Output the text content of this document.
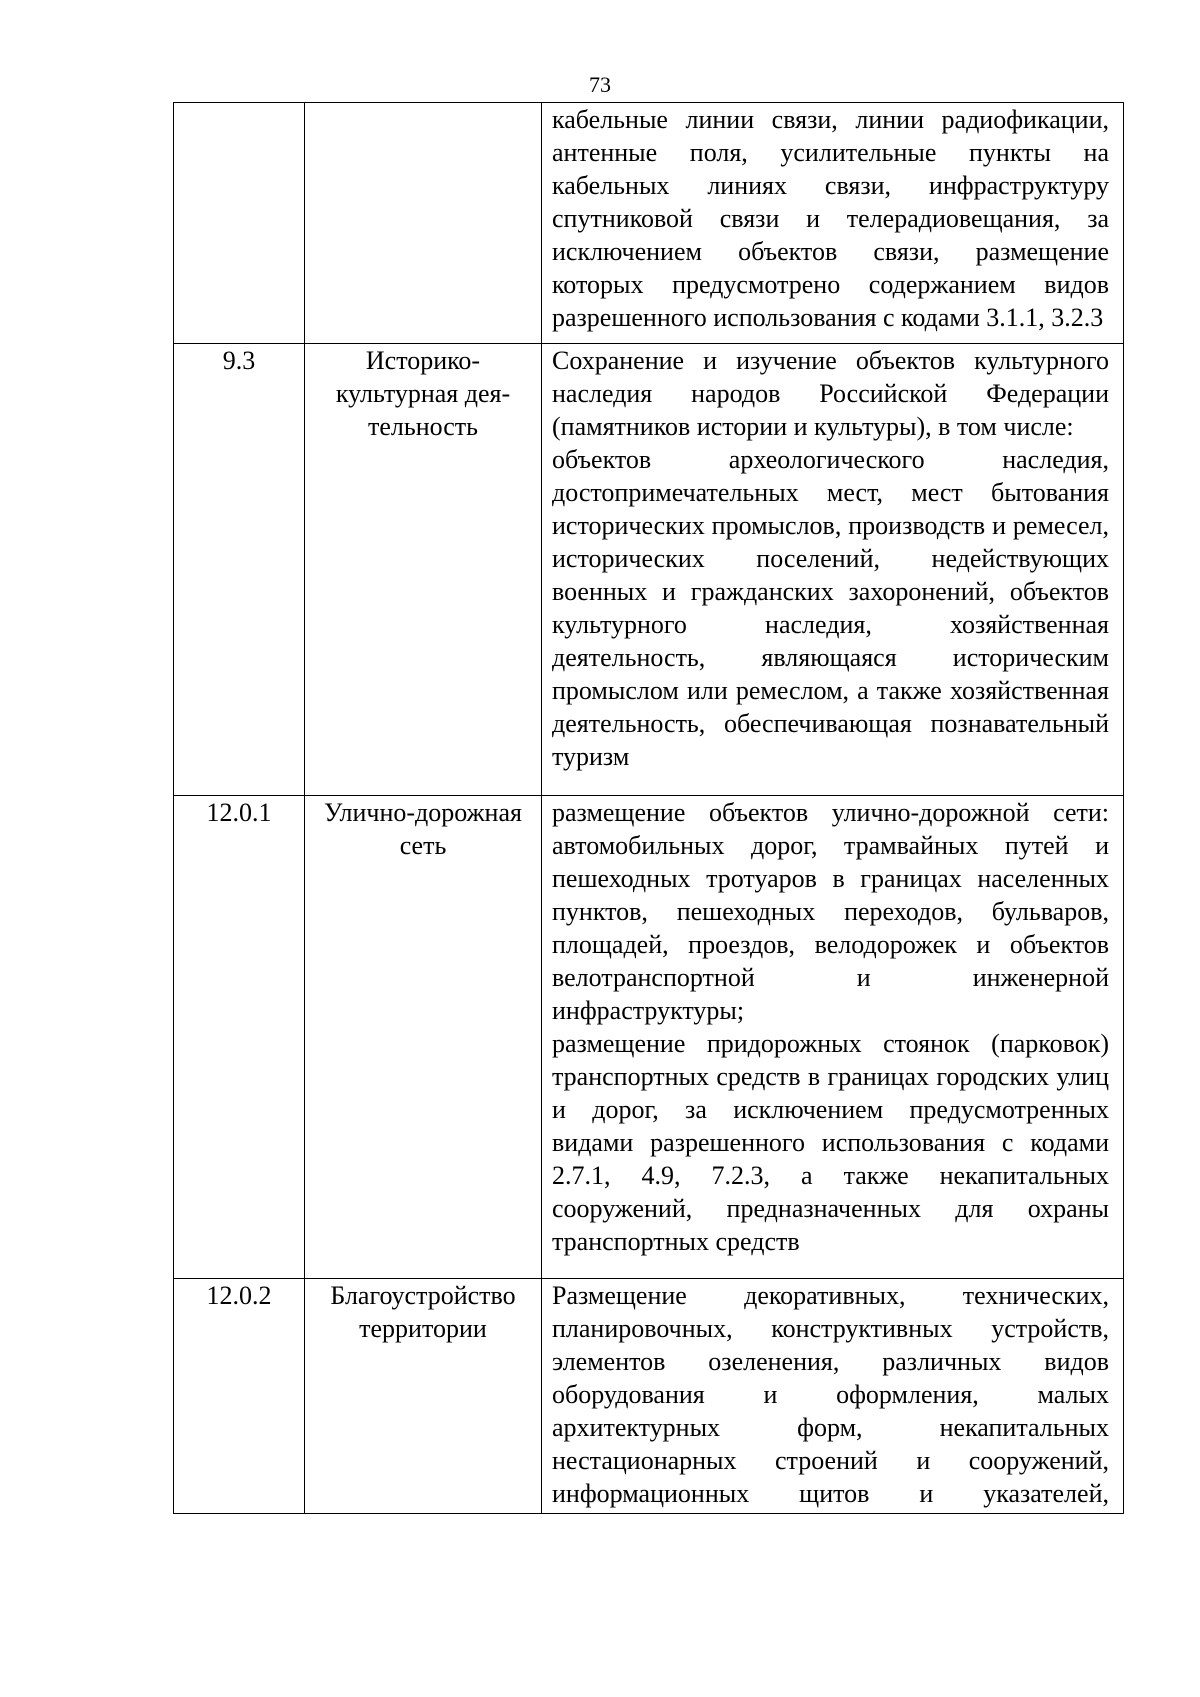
73

		кабельные линии связи, линии радиофикации, антенные поля, усилительные пункты на кабельных линиях связи, инфраструктуру спутниковой связи и телерадиовещания, за исключением объектов связи, размещение которых предусмотрено содержанием видов разрешенного использования с кодами 3.1.1, 3.2.3

9.3	Историко-культурная дея-тельность	Сохранение и изучение объектов культурного наследия народов Российской Федерации (памятников истории и культуры), в том числе:
объектов археологического наследия, достопримечательных мест, мест бытования исторических промыслов, производств и ремесел, исторических поселений, недействующих военных и гражданских захоронений, объектов культурного наследия, хозяйственная деятельность, являющаяся историческим промыслом или ремеслом, а также хозяйственная деятельность, обеспечивающая познавательный туризм

12.0.1	Улично-дорожная сеть	размещение объектов улично-дорожной сети: автомобильных дорог, трамвайных путей и пешеходных тротуаров в границах населенных пунктов, пешеходных переходов, бульваров, площадей, проездов, велодорожек и объектов велотранспортной и инженерной инфраструктуры;
размещение придорожных стоянок (парковок) транспортных средств в границах городских улиц и дорог, за исключением предусмотренных видами разрешенного использования с кодами 2.7.1, 4.9, 7.2.3, а также некапитальных сооружений, предназначенных для охраны транспортных средств

12.0.2	Благоустройство территории	Размещение декоративных, технических, планировочных, конструктивных устройств, элементов озеленения, различных видов оборудования и оформления, малых архитектурных форм, некапитальных нестационарных строений и сооружений, информационных щитов и указателей,
